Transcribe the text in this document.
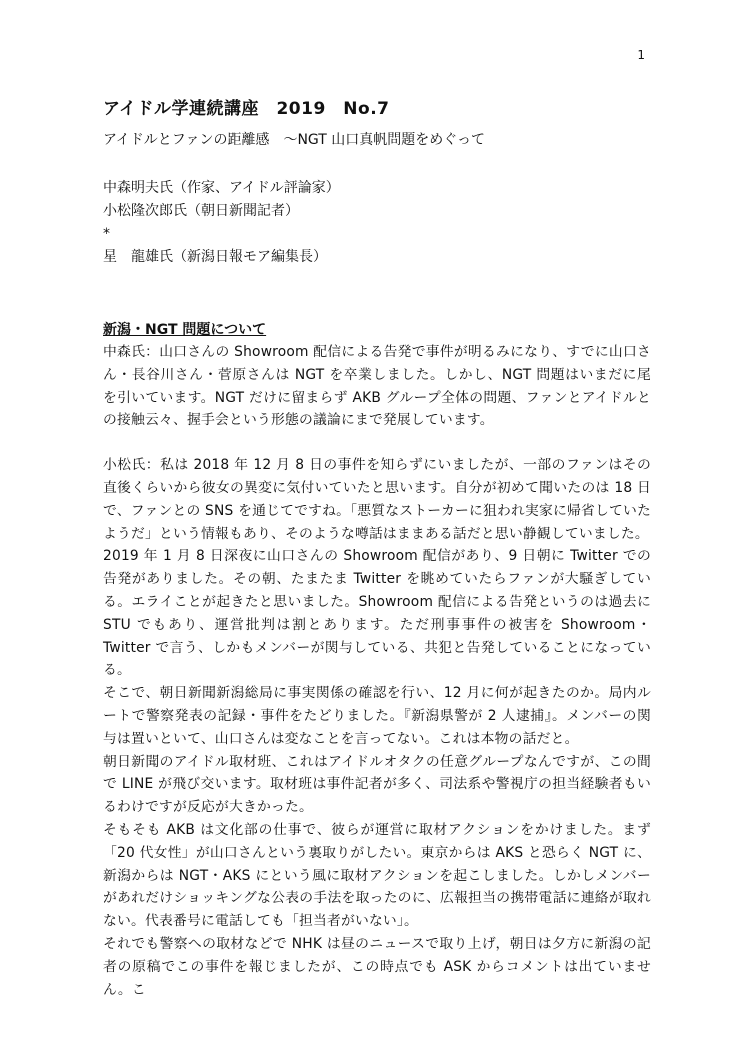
1
アイドル学連続講座　2019　No.7
アイドルとファンの距離感　～NGT 山口真帆問題をめぐって
中森明夫氏（作家、アイドル評論家）
小松隆次郎氏（朝日新聞記者）
*
星　龍雄氏（新潟日報モア編集長）
新潟・NGT 問題について

中森氏：山口さんの Showroom 配信による告発で事件が明るみになり、すでに山口さん・長谷川さん・菅原さんは NGT を卒業しました。しかし、NGT 問題はいまだに尾を引いています。NGT だけに留まらず AKB グループ全体の問題、ファンとアイドルとの接触云々、握手会という形態の議論にまで発展しています。

小松氏：私は 2018 年 12 月 8 日の事件を知らずにいましたが、一部のファンはその直後くらいから彼女の異変に気付いていたと思います。自分が初めて聞いたのは 18 日で、ファンとの SNS を通じてですね。「悪質なストーカーに狙われ実家に帰省していたようだ」という情報もあり、そのような噂話はままある話だと思い静観していました。

2019 年 1 月 8 日深夜に山口さんの Showroom 配信があり、9 日朝に Twitter での告発がありました。その朝、たまたま Twitter を眺めていたらファンが大騒ぎしている。エライことが起きたと思いました。Showroom 配信による告発というのは過去に STU でもあり、運営批判は割とあります。ただ刑事事件の被害を Showroom・Twitter で言う、しかもメンバーが関与している、共犯と告発していることになっている。

そこで、朝日新聞新潟総局に事実関係の確認を行い、12 月に何が起きたのか。局内ルートで警察発表の記録・事件をたどりました。『新潟県警が 2 人逮捕』。メンバーの関与は置いといて、山口さんは変なことを言ってない。これは本物の話だと。

朝日新聞のアイドル取材班、これはアイドルオタクの任意グループなんですが、この間で LINE が飛び交います。取材班は事件記者が多く、司法系や警視庁の担当経験者もいるわけですが反応が大きかった。

そもそも AKB は文化部の仕事で、彼らが運営に取材アクションをかけました。まず「20 代女性」が山口さんという裏取りがしたい。東京からは AKS と恐らく NGT に、新潟からは NGT・AKS にという風に取材アクションを起こしました。しかしメンバーがあれだけショッキングな公表の手法を取ったのに、広報担当の携帯電話に連絡が取れない。代表番号に電話しても「担当者がいない」。

それでも警察への取材などで NHK は昼のニュースで取り上げ，朝日は夕方に新潟の記者の原稿でこの事件を報じましたが、この時点でも ASK からコメントは出ていません。こ
